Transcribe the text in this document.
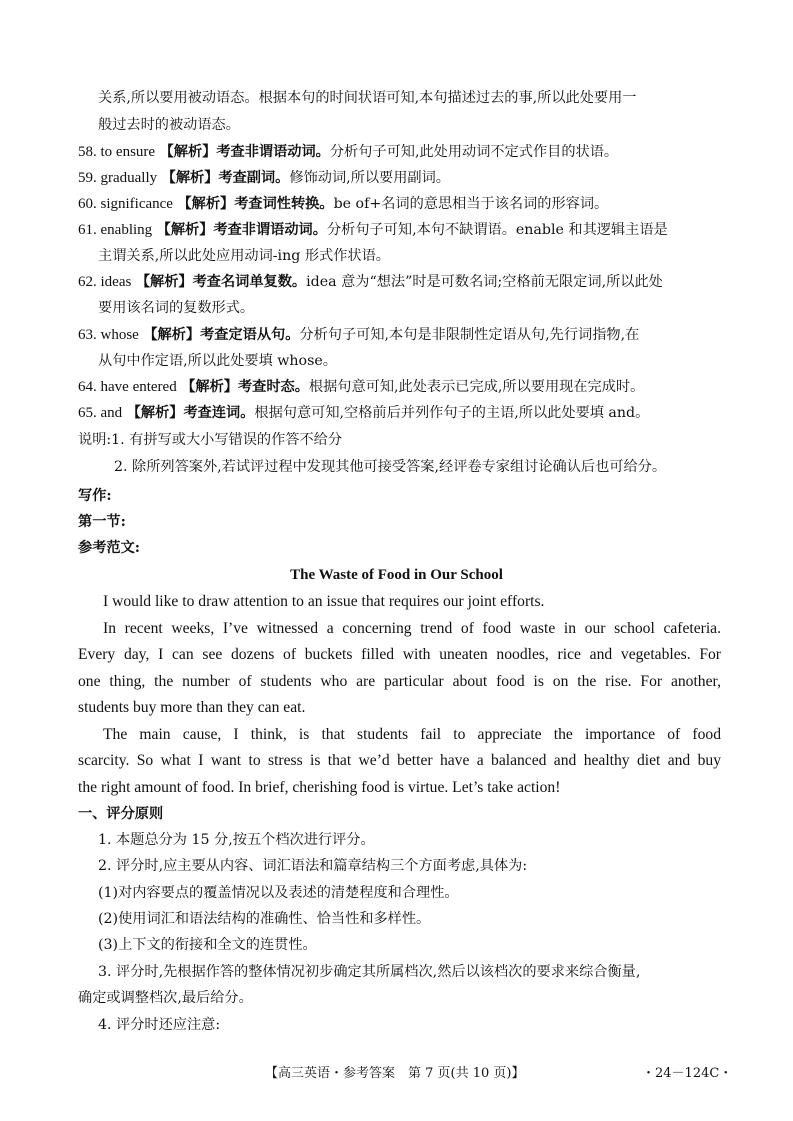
关系,所以要用被动语态。根据本句的时间状语可知,本句描述过去的事,所以此处要用一
般过去时的被动语态。
58. to ensure 【解析】考查非谓语动词。分析句子可知,此处用动词不定式作目的状语。
59. gradually 【解析】考查副词。修饰动词,所以要用副词。
60. significance 【解析】考查词性转换。be of+名词的意思相当于该名词的形容词。
61. enabling 【解析】考查非谓语动词。分析句子可知,本句不缺谓语。enable 和其逻辑主语是
主谓关系,所以此处应用动词-ing 形式作状语。
62. ideas 【解析】考查名词单复数。idea 意为“想法”时是可数名词;空格前无限定词,所以此处
要用该名词的复数形式。
63. whose 【解析】考查定语从句。分析句子可知,本句是非限制性定语从句,先行词指物,在
从句中作定语,所以此处要填 whose。
64. have entered 【解析】考查时态。根据句意可知,此处表示已完成,所以要用现在完成时。
65. and 【解析】考查连词。根据句意可知,空格前后并列作句子的主语,所以此处要填 and。
说明:1. 有拼写或大小写错误的作答不给分
2. 除所列答案外,若试评过程中发现其他可接受答案,经评卷专家组讨论确认后也可给分。
写作:
第一节:
参考范文:
The Waste of Food in Our School
I would like to draw attention to an issue that requires our joint efforts.
In recent weeks, I’ve witnessed a concerning trend of food waste in our school cafeteria.
Every day, I can see dozens of buckets filled with uneaten noodles, rice and vegetables. For
one thing, the number of students who are particular about food is on the rise. For another,
students buy more than they can eat.
The main cause, I think, is that students fail to appreciate the importance of food
scarcity. So what I want to stress is that we’d better have a balanced and healthy diet and buy
the right amount of food. In brief, cherishing food is virtue. Let’s take action!
一、评分原则
1. 本题总分为 15 分,按五个档次进行评分。
2. 评分时,应主要从内容、词汇语法和篇章结构三个方面考虑,具体为:
(1)对内容要点的覆盖情况以及表述的清楚程度和合理性。
(2)使用词汇和语法结构的准确性、恰当性和多样性。
(3)上下文的衔接和全文的连贯性。
3. 评分时,先根据作答的整体情况初步确定其所属档次,然后以该档次的要求来综合衡量,
确定或调整档次,最后给分。
4. 评分时还应注意:
【高三英语・参考答案　第 7 页(共 10 页)】	・24－124C・
